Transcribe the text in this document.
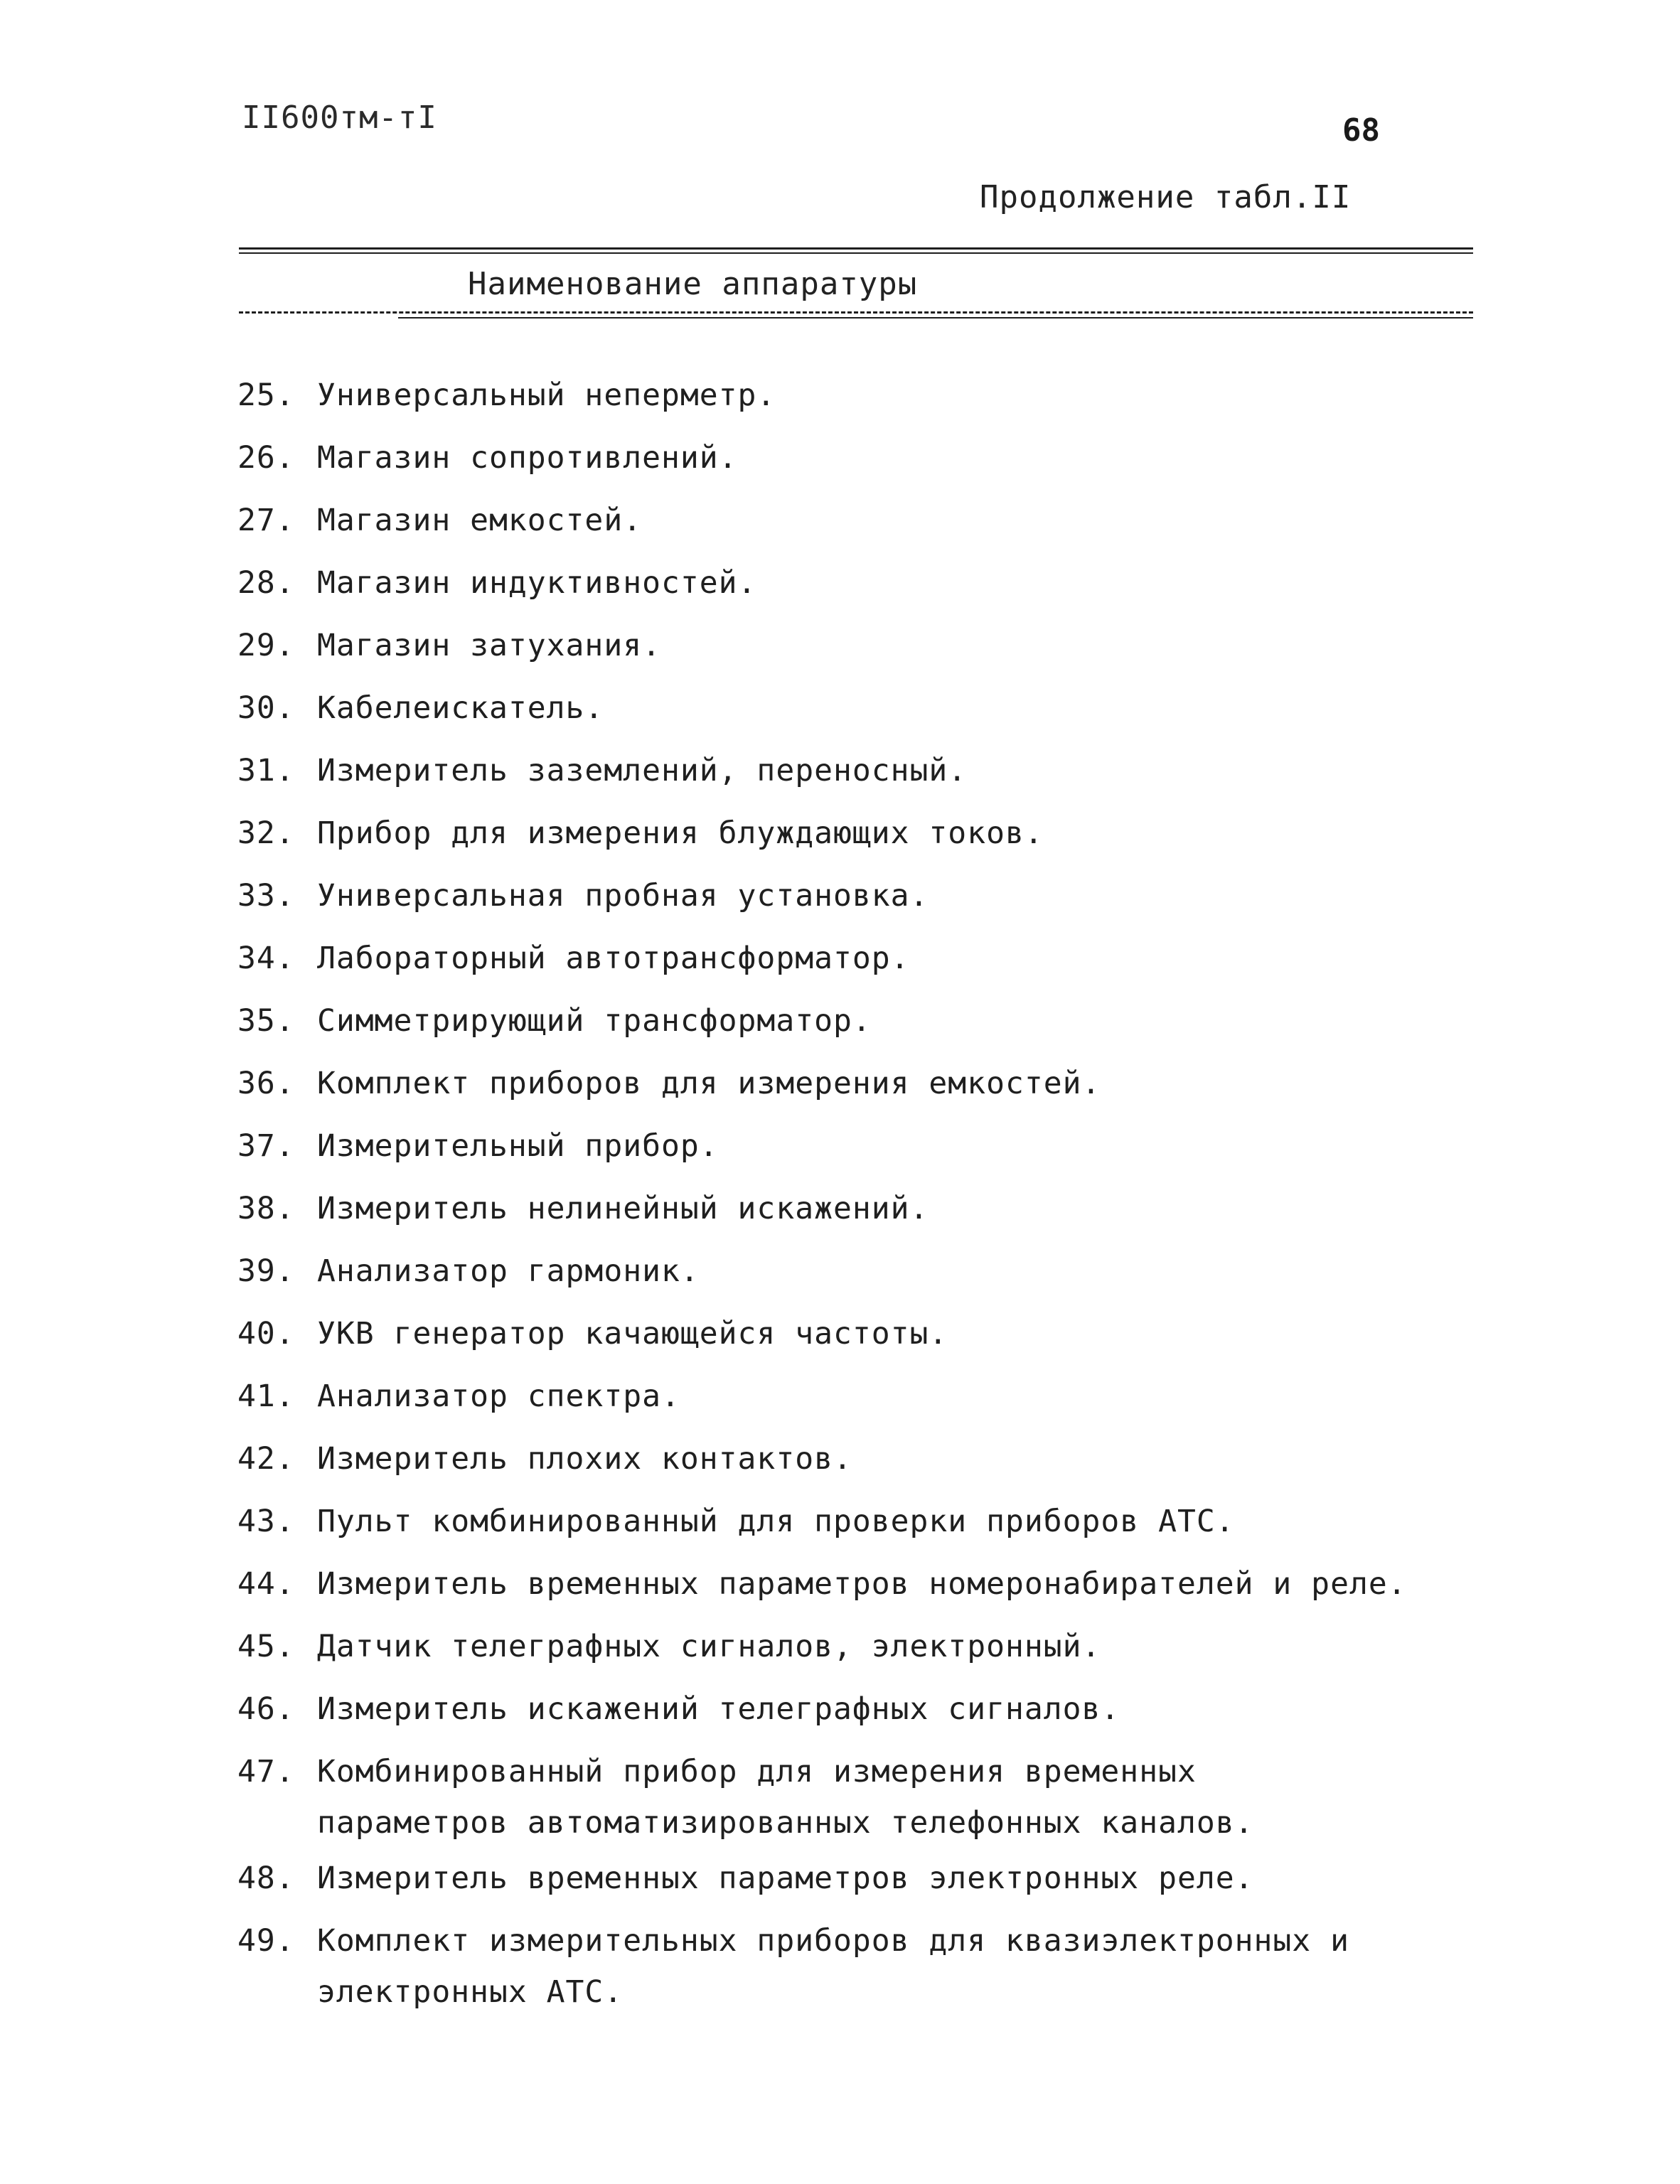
II600тм-тI	68
Продолжение табл.II
Наименование аппаратуры
25. Универсальный неперметр.
26. Магазин сопротивлений.
27. Магазин емкостей.
28. Магазин индуктивностей.
29. Магазин затухания.
30. Кабелеискатель.
31. Измеритель заземлений, переносный.
32. Прибор для измерения блуждающих токов.
33. Универсальная пробная установка.
34. Лабораторный автотрансформатор.
35. Симметрирующий трансформатор.
36. Комплект приборов для измерения емкостей.
37. Измерительный прибор.
38. Измеритель нелинейный искажений.
39. Анализатор гармоник.
40. УКВ генератор качающейся частоты.
41. Анализатор спектра.
42. Измеритель плохих контактов.
43. Пульт комбинированный для проверки приборов АТС.
44. Измеритель временных параметров номеронабирателей и реле.
45. Датчик телеграфных сигналов, электронный.
46. Измеритель искажений телеграфных сигналов.
47. Комбинированный прибор для измерения временных
параметров автоматизированных телефонных каналов.
48. Измеритель временных параметров электронных реле.
49. Комплект измерительных приборов для квазиэлектронных и
электронных АТС.
